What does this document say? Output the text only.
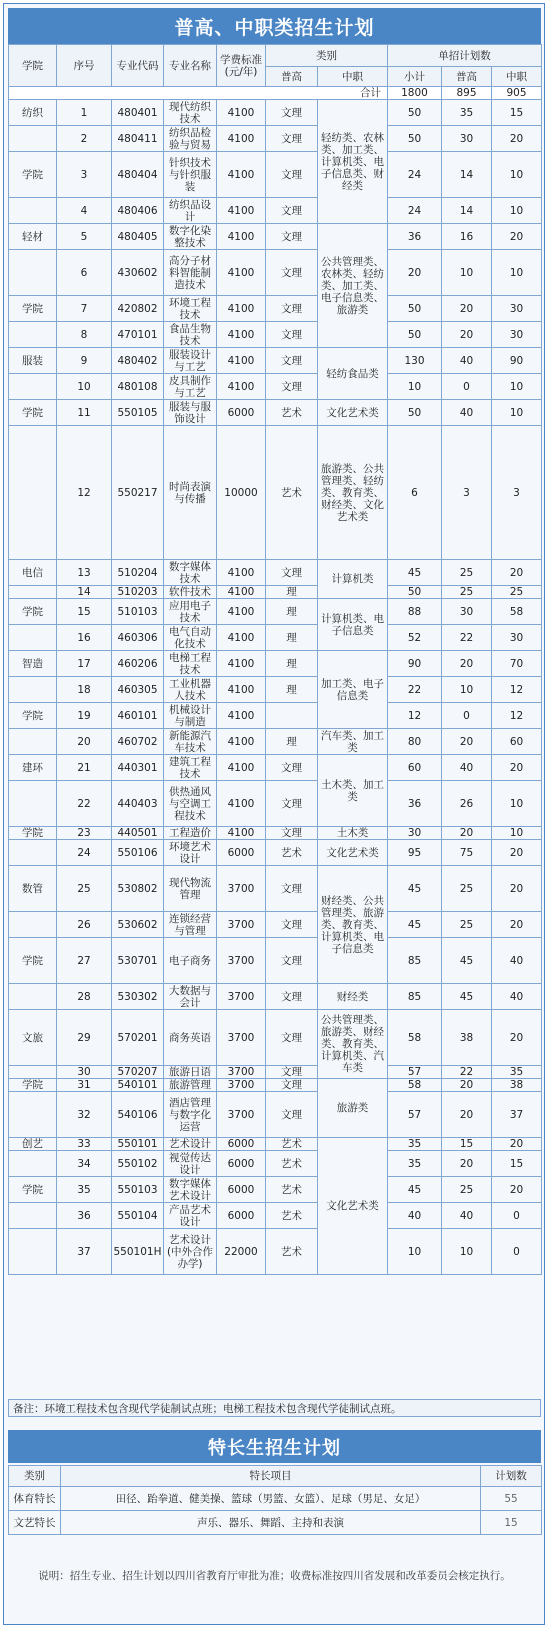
普高、中职类招生计划
学院	序号	专业代码	专业名称	学费标准(元/年)	类别		单招计划数		
					普高	中职	小计	普高	中职
合计							1800	895	905
纺织	1	480401	现代纺织技术	4100	文理	轻纺类、农林类、加工类、计算机类、电子信息类、财经类	50	35	15
	2	480411	纺织品检验与贸易	4100	文理		50	30	20
学院	3	480404	针织技术与针织服装	4100	文理		24	14	10
	4	480406	纺织品设计	4100	文理		24	14	10
轻材	5	480405	数字化染整技术	4100	文理	公共管理类、农林类、轻纺类、加工类、电子信息类、旅游类	36	16	20
	6	430602	高分子材料智能制造技术	4100	文理		20	10	10
学院	7	420802	环境工程技术	4100	文理		50	20	30
	8	470101	食品生物技术	4100	文理		50	20	30
服装	9	480402	服装设计与工艺	4100	文理	轻纺食品类	130	40	90
	10	480108	皮具制作与工艺	4100	文理		10	0	10
学院	11	550105	服装与服饰设计	6000	艺术	文化艺术类	50	40	10
	12	550217	时尚表演与传播	10000	艺术	旅游类、公共管理类、轻纺类、教育类、财经类、文化艺术类	6	3	3
电信	13	510204	数字媒体技术	4100	文理	计算机类	45	25	20
	14	510203	软件技术	4100	理		50	25	25
学院	15	510103	应用电子技术	4100	理	计算机类、电子信息类	88	30	58
	16	460306	电气自动化技术	4100	理		52	22	30
智造	17	460206	电梯工程技术	4100	理	加工类、电子信息类	90	20	70
	18	460305	工业机器人技术	4100	理		22	10	12
学院	19	460101	机械设计与制造	4100			12	0	12
	20	460702	新能源汽车技术	4100	理	汽车类、加工类	80	20	60
建环	21	440301	建筑工程技术	4100	文理	土木类、加工类	60	40	20
	22	440403	供热通风与空调工程技术	4100	文理		36	26	10
学院	23	440501	工程造价	4100	文理	土木类	30	20	10
	24	550106	环境艺术设计	6000	艺术	文化艺术类	95	75	20
数管	25	530802	现代物流管理	3700	文理	财经类、公共管理类、旅游类、教育类、计算机类、电子信息类	45	25	20
	26	530602	连锁经营与管理	3700	文理		45	25	20
学院	27	530701	电子商务	3700	文理		85	45	40
	28	530302	大数据与会计	3700	文理	财经类	85	45	40
文旅	29	570201	商务英语	3700	文理	公共管理类、旅游类、财经类、教育类、计算机类、汽车类	58	38	20
	30	570207	旅游日语	3700	文理		57	22	35
学院	31	540101	旅游管理	3700	文理	旅游类	58	20	38
	32	540106	酒店管理与数字化运营	3700	文理		57	20	37
创艺	33	550101	艺术设计	6000	艺术	文化艺术类	35	15	20
	34	550102	视觉传达设计	6000	艺术		35	20	15
学院	35	550103	数字媒体艺术设计	6000	艺术		45	25	20
	36	550104	产品艺术设计	6000	艺术		40	40	0
	37	550101H	艺术设计(中外合作办学)	22000	艺术		10	10	0
备注：环境工程技术包含现代学徒制试点班；电梯工程技术包含现代学徒制试点班。
特长生招生计划
类别	特长项目	计划数
体育特长	田径、跆拳道、健美操、篮球（男篮、女篮）、足球（男足、女足）	55
文艺特长	声乐、器乐、舞蹈、主持和表演	15
说明：招生专业、招生计划以四川省教育厅审批为准；收费标准按四川省发展和改革委员会核定执行。
